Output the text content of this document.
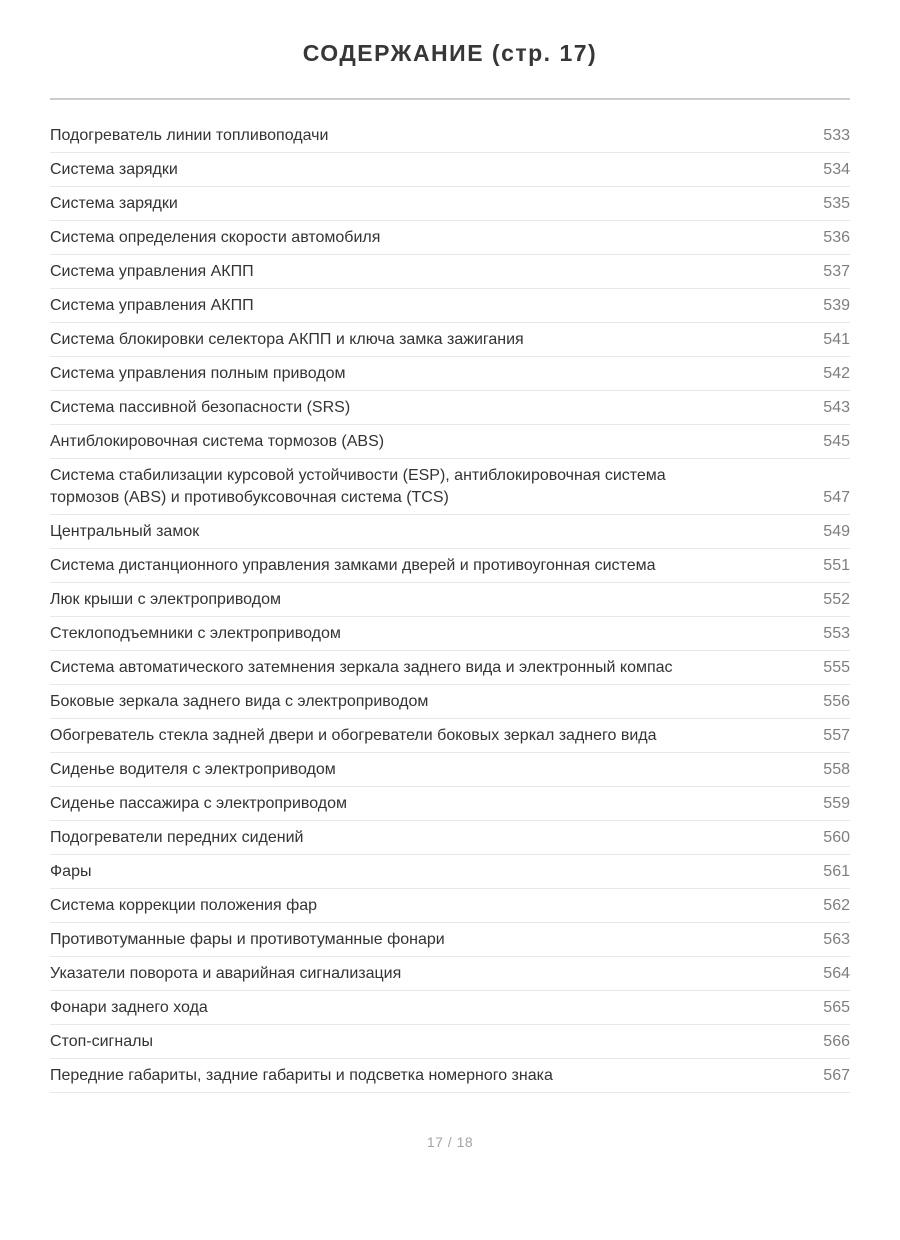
СОДЕРЖАНИЕ (стр. 17)
Подогреватель линии топливоподачи	533
Система зарядки	534
Система зарядки	535
Система определения скорости автомобиля	536
Система управления АКПП	537
Система управления АКПП	539
Система блокировки селектора АКПП и ключа замка зажигания	541
Система управления полным приводом	542
Система пассивной безопасности (SRS)	543
Антиблокировочная система тормозов (ABS)	545
Система стабилизации курсовой устойчивости (ESP), антиблокировочная система тормозов (ABS) и противобуксовочная система (TCS)	547
Центральный замок	549
Система дистанционного управления замками дверей и противоугонная система	551
Люк крыши с электроприводом	552
Стеклоподъемники с электроприводом	553
Система автоматического затемнения зеркала заднего вида и электронный компас	555
Боковые зеркала заднего вида с электроприводом	556
Обогреватель стекла задней двери и обогреватели боковых зеркал заднего вида	557
Сиденье водителя с электроприводом	558
Сиденье пассажира с электроприводом	559
Подогреватели передних сидений	560
Фары	561
Система коррекции положения фар	562
Противотуманные фары и противотуманные фонари	563
Указатели поворота и аварийная сигнализация	564
Фонари заднего хода	565
Стоп-сигналы	566
Передние габариты, задние габариты и подсветка номерного знака	567
17 / 18
